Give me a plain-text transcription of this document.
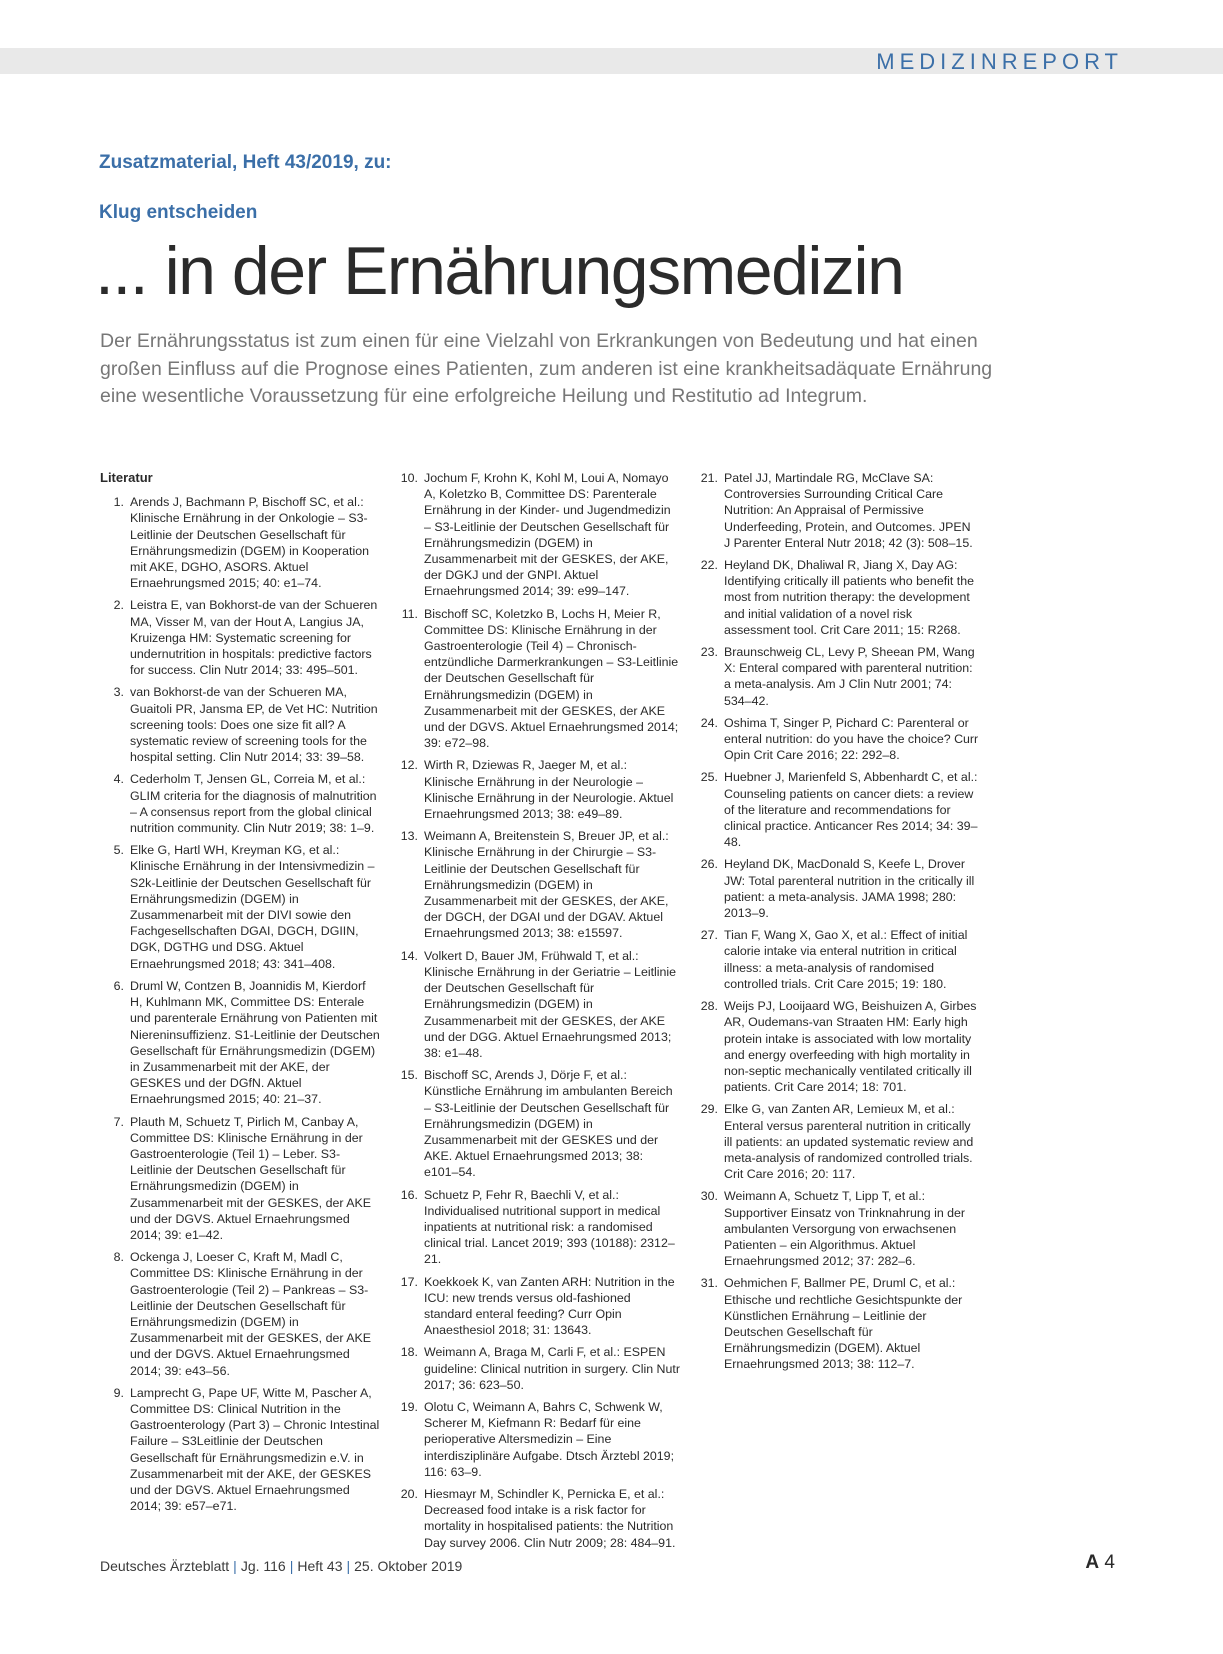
MEDIZINREPORT
Zusatzmaterial, Heft 43/2019, zu:
Klug entscheiden
... in der Ernährungsmedizin
Der Ernährungsstatus ist zum einen für eine Vielzahl von Erkrankungen von Bedeutung und hat einen großen Einfluss auf die Prognose eines Patienten, zum anderen ist eine krankheitsadäquate Ernährung eine wesentliche Voraussetzung für eine erfolgreiche Heilung und Restitutio ad Integrum.
Literatur
1. Arends J, Bachmann P, Bischoff SC, et al.: Klinische Ernährung in der Onkologie – S3-Leitlinie der Deutschen Gesellschaft für Ernährungsmedizin (DGEM) in Kooperation mit AKE, DGHO, ASORS. Aktuel Ernaehrungsmed 2015; 40: e1–74.
2. Leistra E, van Bokhorst-de van der Schueren MA, Visser M, van der Hout A, Langius JA, Kruizenga HM: Systematic screening for undernutrition in hospitals: predictive factors for success. Clin Nutr 2014; 33: 495–501.
3. van Bokhorst-de van der Schueren MA, Guaitoli PR, Jansma EP, de Vet HC: Nutrition screening tools: Does one size fit all? A systematic review of screening tools for the hospital setting. Clin Nutr 2014; 33: 39–58.
4. Cederholm T, Jensen GL, Correia M, et al.: GLIM criteria for the diagnosis of malnutrition – A consensus report from the global clinical nutrition community. Clin Nutr 2019; 38: 1–9.
5. Elke G, Hartl WH, Kreyman KG, et al.: Klinische Ernährung in der Intensivmedizin – S2k-Leitlinie der Deutschen Gesellschaft für Ernährungsmedizin (DGEM) in Zusammenarbeit mit der DIVI sowie den Fachgesellschaften DGAI, DGCH, DGIIN, DGK, DGTHG und DSG. Aktuel Ernaehrungsmed 2018; 43: 341–408.
6. Druml W, Contzen B, Joannidis M, Kierdorf H, Kuhlmann MK, Committee DS: Enterale und parenterale Ernährung von Patienten mit Niereninsuffizienz. S1-Leitlinie der Deutschen Gesellschaft für Ernährungsmedizin (DGEM) in Zusammenarbeit mit der AKE, der GESKES und der DGfN. Aktuel Ernaehrungsmed 2015; 40: 21–37.
7. Plauth M, Schuetz T, Pirlich M, Canbay A, Committee DS: Klinische Ernährung in der Gastroenterologie (Teil 1) – Leber. S3-Leitlinie der Deutschen Gesellschaft für Ernährungsmedizin (DGEM) in Zusammenarbeit mit der GESKES, der AKE und der DGVS. Aktuel Ernaehrungsmed 2014; 39: e1–42.
8. Ockenga J, Loeser C, Kraft M, Madl C, Committee DS: Klinische Ernährung in der Gastroenterologie (Teil 2) – Pankreas – S3-Leitlinie der Deutschen Gesellschaft für Ernährungsmedizin (DGEM) in Zusammenarbeit mit der GESKES, der AKE und der DGVS. Aktuel Ernaehrungsmed 2014; 39: e43–56.
9. Lamprecht G, Pape UF, Witte M, Pascher A, Committee DS: Clinical Nutrition in the Gastroenterology (Part 3) – Chronic Intestinal Failure – S3Leitlinie der Deutschen Gesellschaft für Ernährungsmedizin e.V. in Zusammenarbeit mit der AKE, der GESKES und der DGVS. Aktuel Ernaehrungsmed 2014; 39: e57–e71.
10. Jochum F, Krohn K, Kohl M, Loui A, Nomayo A, Koletzko B, Committee DS: Parenterale Ernährung in der Kinder- und Jugendmedizin – S3-Leitlinie der Deutschen Gesellschaft für Ernährungsmedizin (DGEM) in Zusammenarbeit mit der GESKES, der AKE, der DGKJ und der GNPI. Aktuel Ernaehrungsmed 2014; 39: e99–147.
11. Bischoff SC, Koletzko B, Lochs H, Meier R, Committee DS: Klinische Ernährung in der Gastroenterologie (Teil 4) – Chronisch-entzündliche Darmerkrankungen – S3-Leitlinie der Deutschen Gesellschaft für Ernährungsmedizin (DGEM) in Zusammenarbeit mit der GESKES, der AKE und der DGVS. Aktuel Ernaehrungsmed 2014; 39: e72–98.
12. Wirth R, Dziewas R, Jaeger M, et al.: Klinische Ernährung in der Neurologie – Klinische Ernährung in der Neurologie. Aktuel Ernaehrungsmed 2013; 38: e49–89.
13. Weimann A, Breitenstein S, Breuer JP, et al.: Klinische Ernährung in der Chirurgie – S3-Leitlinie der Deutschen Gesellschaft für Ernährungsmedizin (DGEM) in Zusammenarbeit mit der GESKES, der AKE, der DGCH, der DGAI und der DGAV. Aktuel Ernaehrungsmed 2013; 38: e15597.
14. Volkert D, Bauer JM, Frühwald T, et al.: Klinische Ernährung in der Geriatrie – Leitlinie der Deutschen Gesellschaft für Ernährungsmedizin (DGEM) in Zusammenarbeit mit der GESKES, der AKE und der DGG. Aktuel Ernaehrungsmed 2013; 38: e1–48.
15. Bischoff SC, Arends J, Dörje F, et al.: Künstliche Ernährung im ambulanten Bereich – S3-Leitlinie der Deutschen Gesellschaft für Ernährungsmedizin (DGEM) in Zusammenarbeit mit der GESKES und der AKE. Aktuel Ernaehrungsmed 2013; 38: e101–54.
16. Schuetz P, Fehr R, Baechli V, et al.: Individualised nutritional support in medical inpatients at nutritional risk: a randomised clinical trial. Lancet 2019; 393 (10188): 2312–21.
17. Koekkoek K, van Zanten ARH: Nutrition in the ICU: new trends versus old-fashioned standard enteral feeding? Curr Opin Anaesthesiol 2018; 31: 13643.
18. Weimann A, Braga M, Carli F, et al.: ESPEN guideline: Clinical nutrition in surgery. Clin Nutr 2017; 36: 623–50.
19. Olotu C, Weimann A, Bahrs C, Schwenk W, Scherer M, Kiefmann R: Bedarf für eine perioperative Altersmedizin – Eine interdisziplinäre Aufgabe. Dtsch Ärztebl 2019; 116: 63–9.
20. Hiesmayr M, Schindler K, Pernicka E, et al.: Decreased food intake is a risk factor for mortality in hospitalised patients: the Nutrition Day survey 2006. Clin Nutr 2009; 28: 484–91.
21. Patel JJ, Martindale RG, McClave SA: Controversies Surrounding Critical Care Nutrition: An Appraisal of Permissive Underfeeding, Protein, and Outcomes. JPEN J Parenter Enteral Nutr 2018; 42 (3): 508–15.
22. Heyland DK, Dhaliwal R, Jiang X, Day AG: Identifying critically ill patients who benefit the most from nutrition therapy: the development and initial validation of a novel risk assessment tool. Crit Care 2011; 15: R268.
23. Braunschweig CL, Levy P, Sheean PM, Wang X: Enteral compared with parenteral nutrition: a meta-analysis. Am J Clin Nutr 2001; 74: 534–42.
24. Oshima T, Singer P, Pichard C: Parenteral or enteral nutrition: do you have the choice? Curr Opin Crit Care 2016; 22: 292–8.
25. Huebner J, Marienfeld S, Abbenhardt C, et al.: Counseling patients on cancer diets: a review of the literature and recommendations for clinical practice. Anticancer Res 2014; 34: 39–48.
26. Heyland DK, MacDonald S, Keefe L, Drover JW: Total parenteral nutrition in the critically ill patient: a meta-analysis. JAMA 1998; 280: 2013–9.
27. Tian F, Wang X, Gao X, et al.: Effect of initial calorie intake via enteral nutrition in critical illness: a meta-analysis of randomised controlled trials. Crit Care 2015; 19: 180.
28. Weijs PJ, Looijaard WG, Beishuizen A, Girbes AR, Oudemans-van Straaten HM: Early high protein intake is associated with low mortality and energy overfeeding with high mortality in non-septic mechanically ventilated critically ill patients. Crit Care 2014; 18: 701.
29. Elke G, van Zanten AR, Lemieux M, et al.: Enteral versus parenteral nutrition in critically ill patients: an updated systematic review and meta-analysis of randomized controlled trials. Crit Care 2016; 20: 117.
30. Weimann A, Schuetz T, Lipp T, et al.: Supportiver Einsatz von Trinknahrung in der ambulanten Versorgung von erwachsenen Patienten – ein Algorithmus. Aktuel Ernaehrungsmed 2012; 37: 282–6.
31. Oehmichen F, Ballmer PE, Druml C, et al.: Ethische und rechtliche Gesichtspunkte der Künstlichen Ernährung – Leitlinie der Deutschen Gesellschaft für Ernährungsmedizin (DGEM). Aktuel Ernaehrungsmed 2013; 38: 112–7.
Deutsches Ärzteblatt | Jg. 116 | Heft 43 | 25. Oktober 2019	A 4
